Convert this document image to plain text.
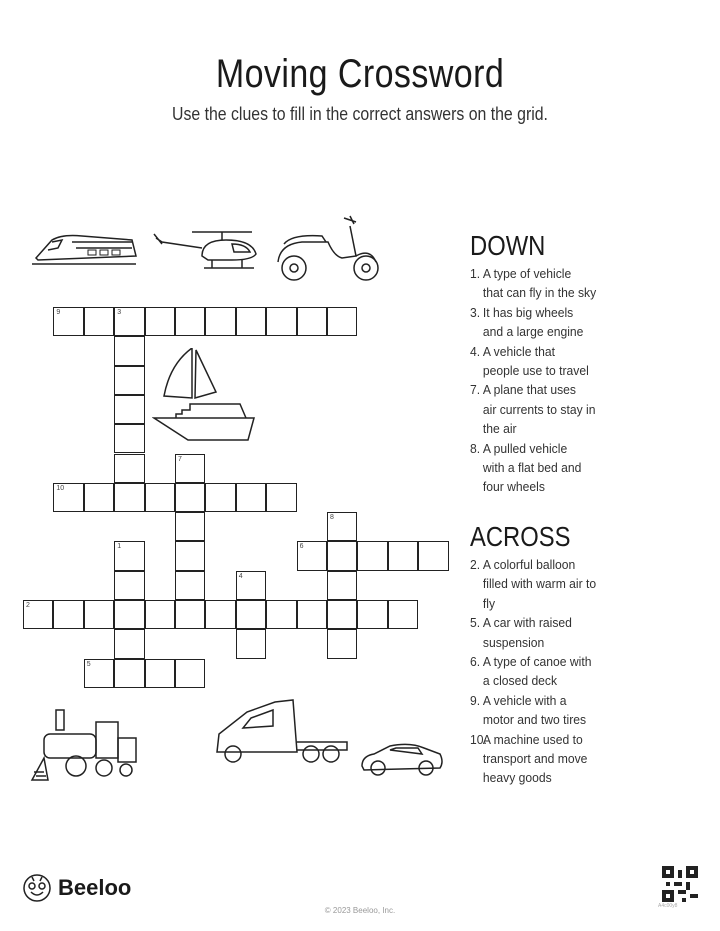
Moving Crossword
Use the clues to fill in the correct answers on the grid.
9	3
7
10
8
1	6
4
2
5
DOWN
1. A type of vehicle
that can fly in the sky
3. It has big wheels
and a large engine
4. A vehicle that
people use to travel
7. A plane that uses
air currents to stay in
the air
8. A pulled vehicle
with a flat bed and
four wheels
ACROSS
2. A colorful balloon
filled with warm air to
fly
5. A car with raised
suspension
6. A type of canoe with
a closed deck
9. A vehicle with a
motor and two tires
10.
A machine used to
transport and move
heavy goods
Beeloo
© 2023 Beeloo, Inc.	A4c00y8
